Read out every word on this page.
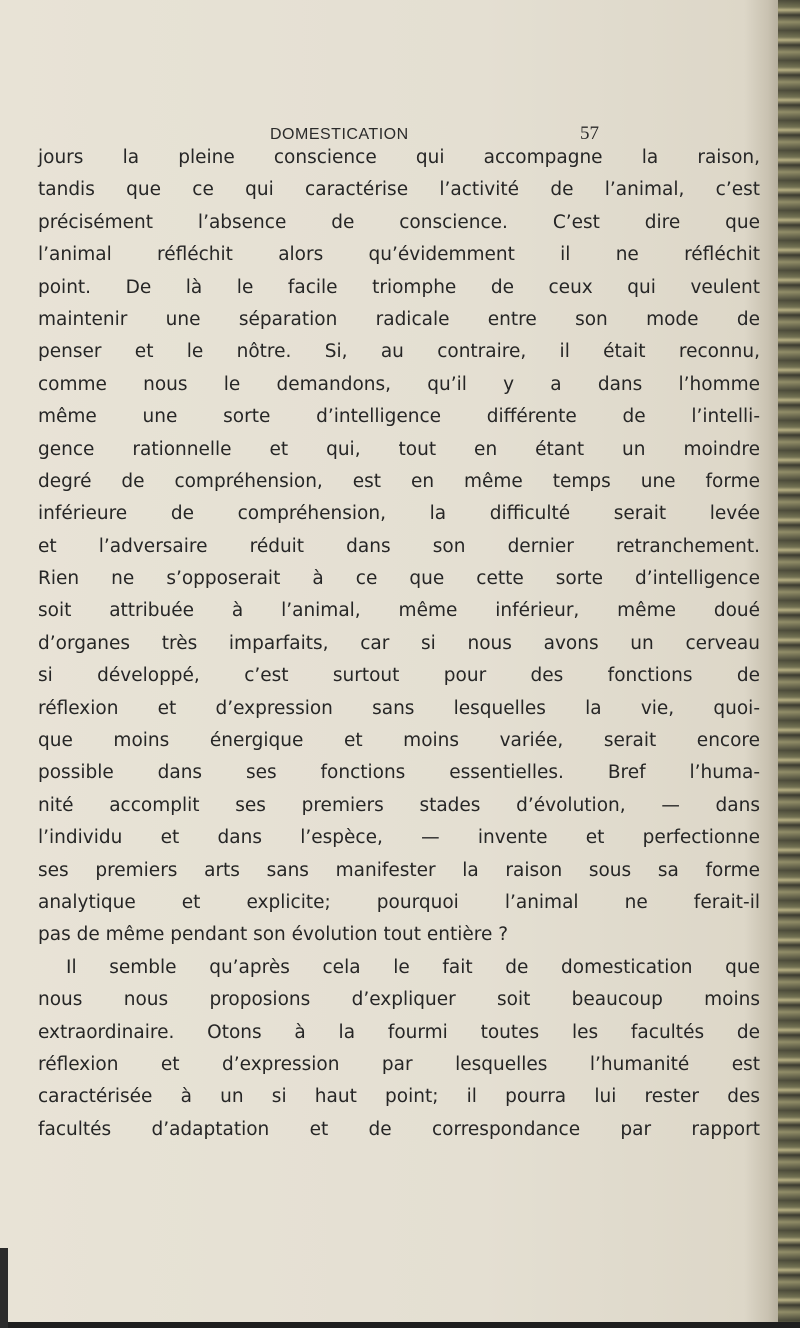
DOMESTICATION	57
jours la pleine conscience qui accompagne la raison,
tandis que ce qui caractérise l’activité de l’animal, c’est
précisément l’absence de conscience. C’est dire que
l’animal réfléchit alors qu’évidemment il ne réfléchit
point. De là le facile triomphe de ceux qui veulent
maintenir une séparation radicale entre son mode de
penser et le nôtre. Si, au contraire, il était reconnu,
comme nous le demandons, qu’il y a dans l’homme
même une sorte d’intelligence différente de l’intelli-
gence rationnelle et qui, tout en étant un moindre
degré de compréhension, est en même temps une forme
inférieure de compréhension, la difficulté serait levée
et l’adversaire réduit dans son dernier retranchement.
Rien ne s’opposerait à ce que cette sorte d’intelligence
soit attribuée à l’animal, même inférieur, même doué
d’organes très imparfaits, car si nous avons un cerveau
si développé, c’est surtout pour des fonctions de
réflexion et d’expression sans lesquelles la vie, quoi-
que moins énergique et moins variée, serait encore
possible dans ses fonctions essentielles. Bref l’huma-
nité accomplit ses premiers stades d’évolution, — dans
l’individu et dans l’espèce, — invente et perfectionne
ses premiers arts sans manifester la raison sous sa forme
analytique et explicite; pourquoi l’animal ne ferait-il
pas de même pendant son évolution tout entière ?
Il semble qu’après cela le fait de domestication que
nous nous proposions d’expliquer soit beaucoup moins
extraordinaire. Otons à la fourmi toutes les facultés de
réflexion et d’expression par lesquelles l’humanité est
caractérisée à un si haut point; il pourra lui rester des
facultés d’adaptation et de correspondance par rapport
